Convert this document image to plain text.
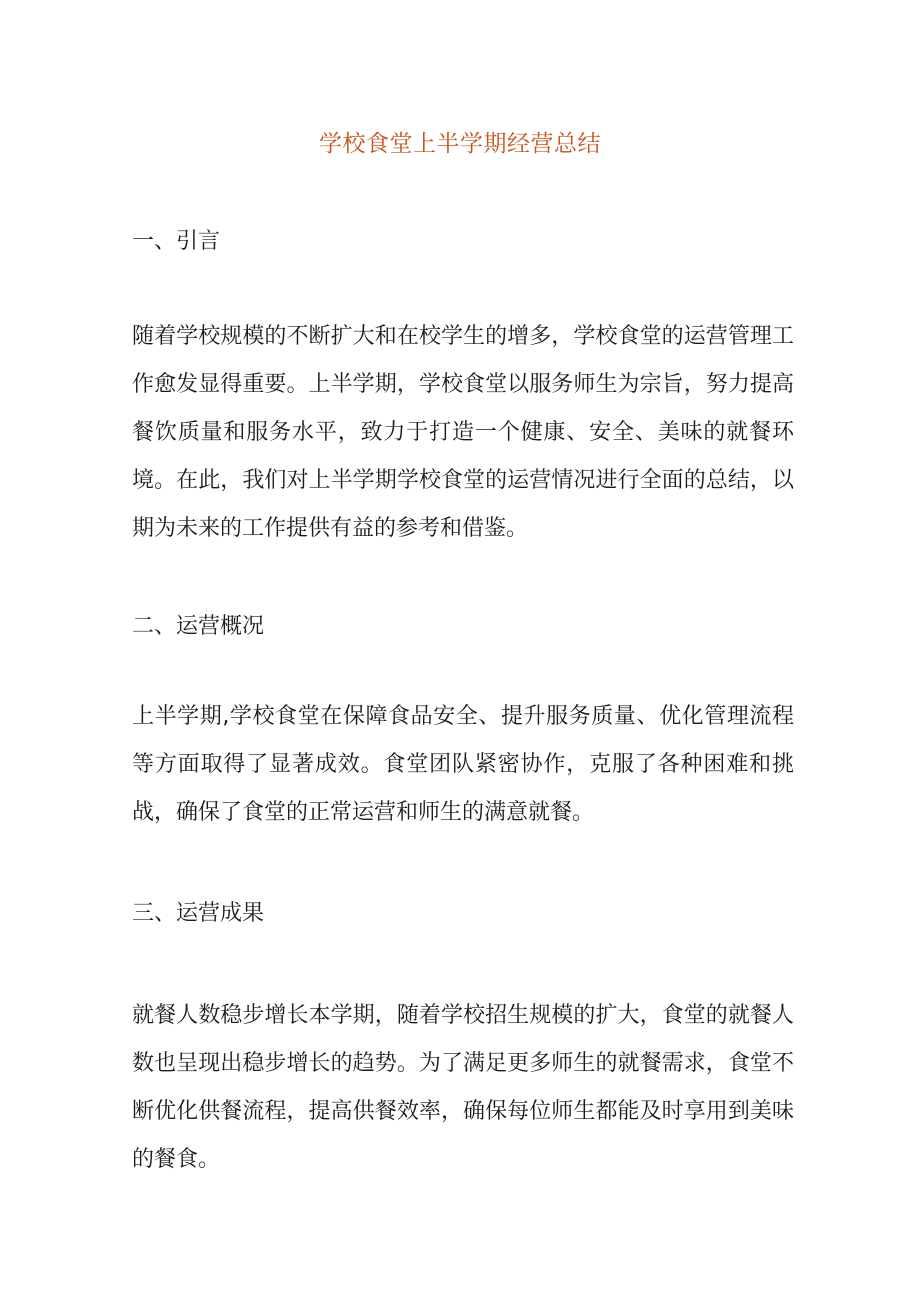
学校食堂上半学期经营总结
一、引言
随着学校规模的不断扩大和在校学生的增多，学校食堂的运营管理工作愈发显得重要。上半学期，学校食堂以服务师生为宗旨，努力提高餐饮质量和服务水平，致力于打造一个健康、安全、美味的就餐环境。在此，我们对上半学期学校食堂的运营情况进行全面的总结，以期为未来的工作提供有益的参考和借鉴。
二、运营概况
上半学期,学校食堂在保障食品安全、提升服务质量、优化管理流程等方面取得了显著成效。食堂团队紧密协作，克服了各种困难和挑战，确保了食堂的正常运营和师生的满意就餐。
三、运营成果
就餐人数稳步增长本学期，随着学校招生规模的扩大，食堂的就餐人数也呈现出稳步增长的趋势。为了满足更多师生的就餐需求，食堂不断优化供餐流程，提高供餐效率，确保每位师生都能及时享用到美味的餐食。
